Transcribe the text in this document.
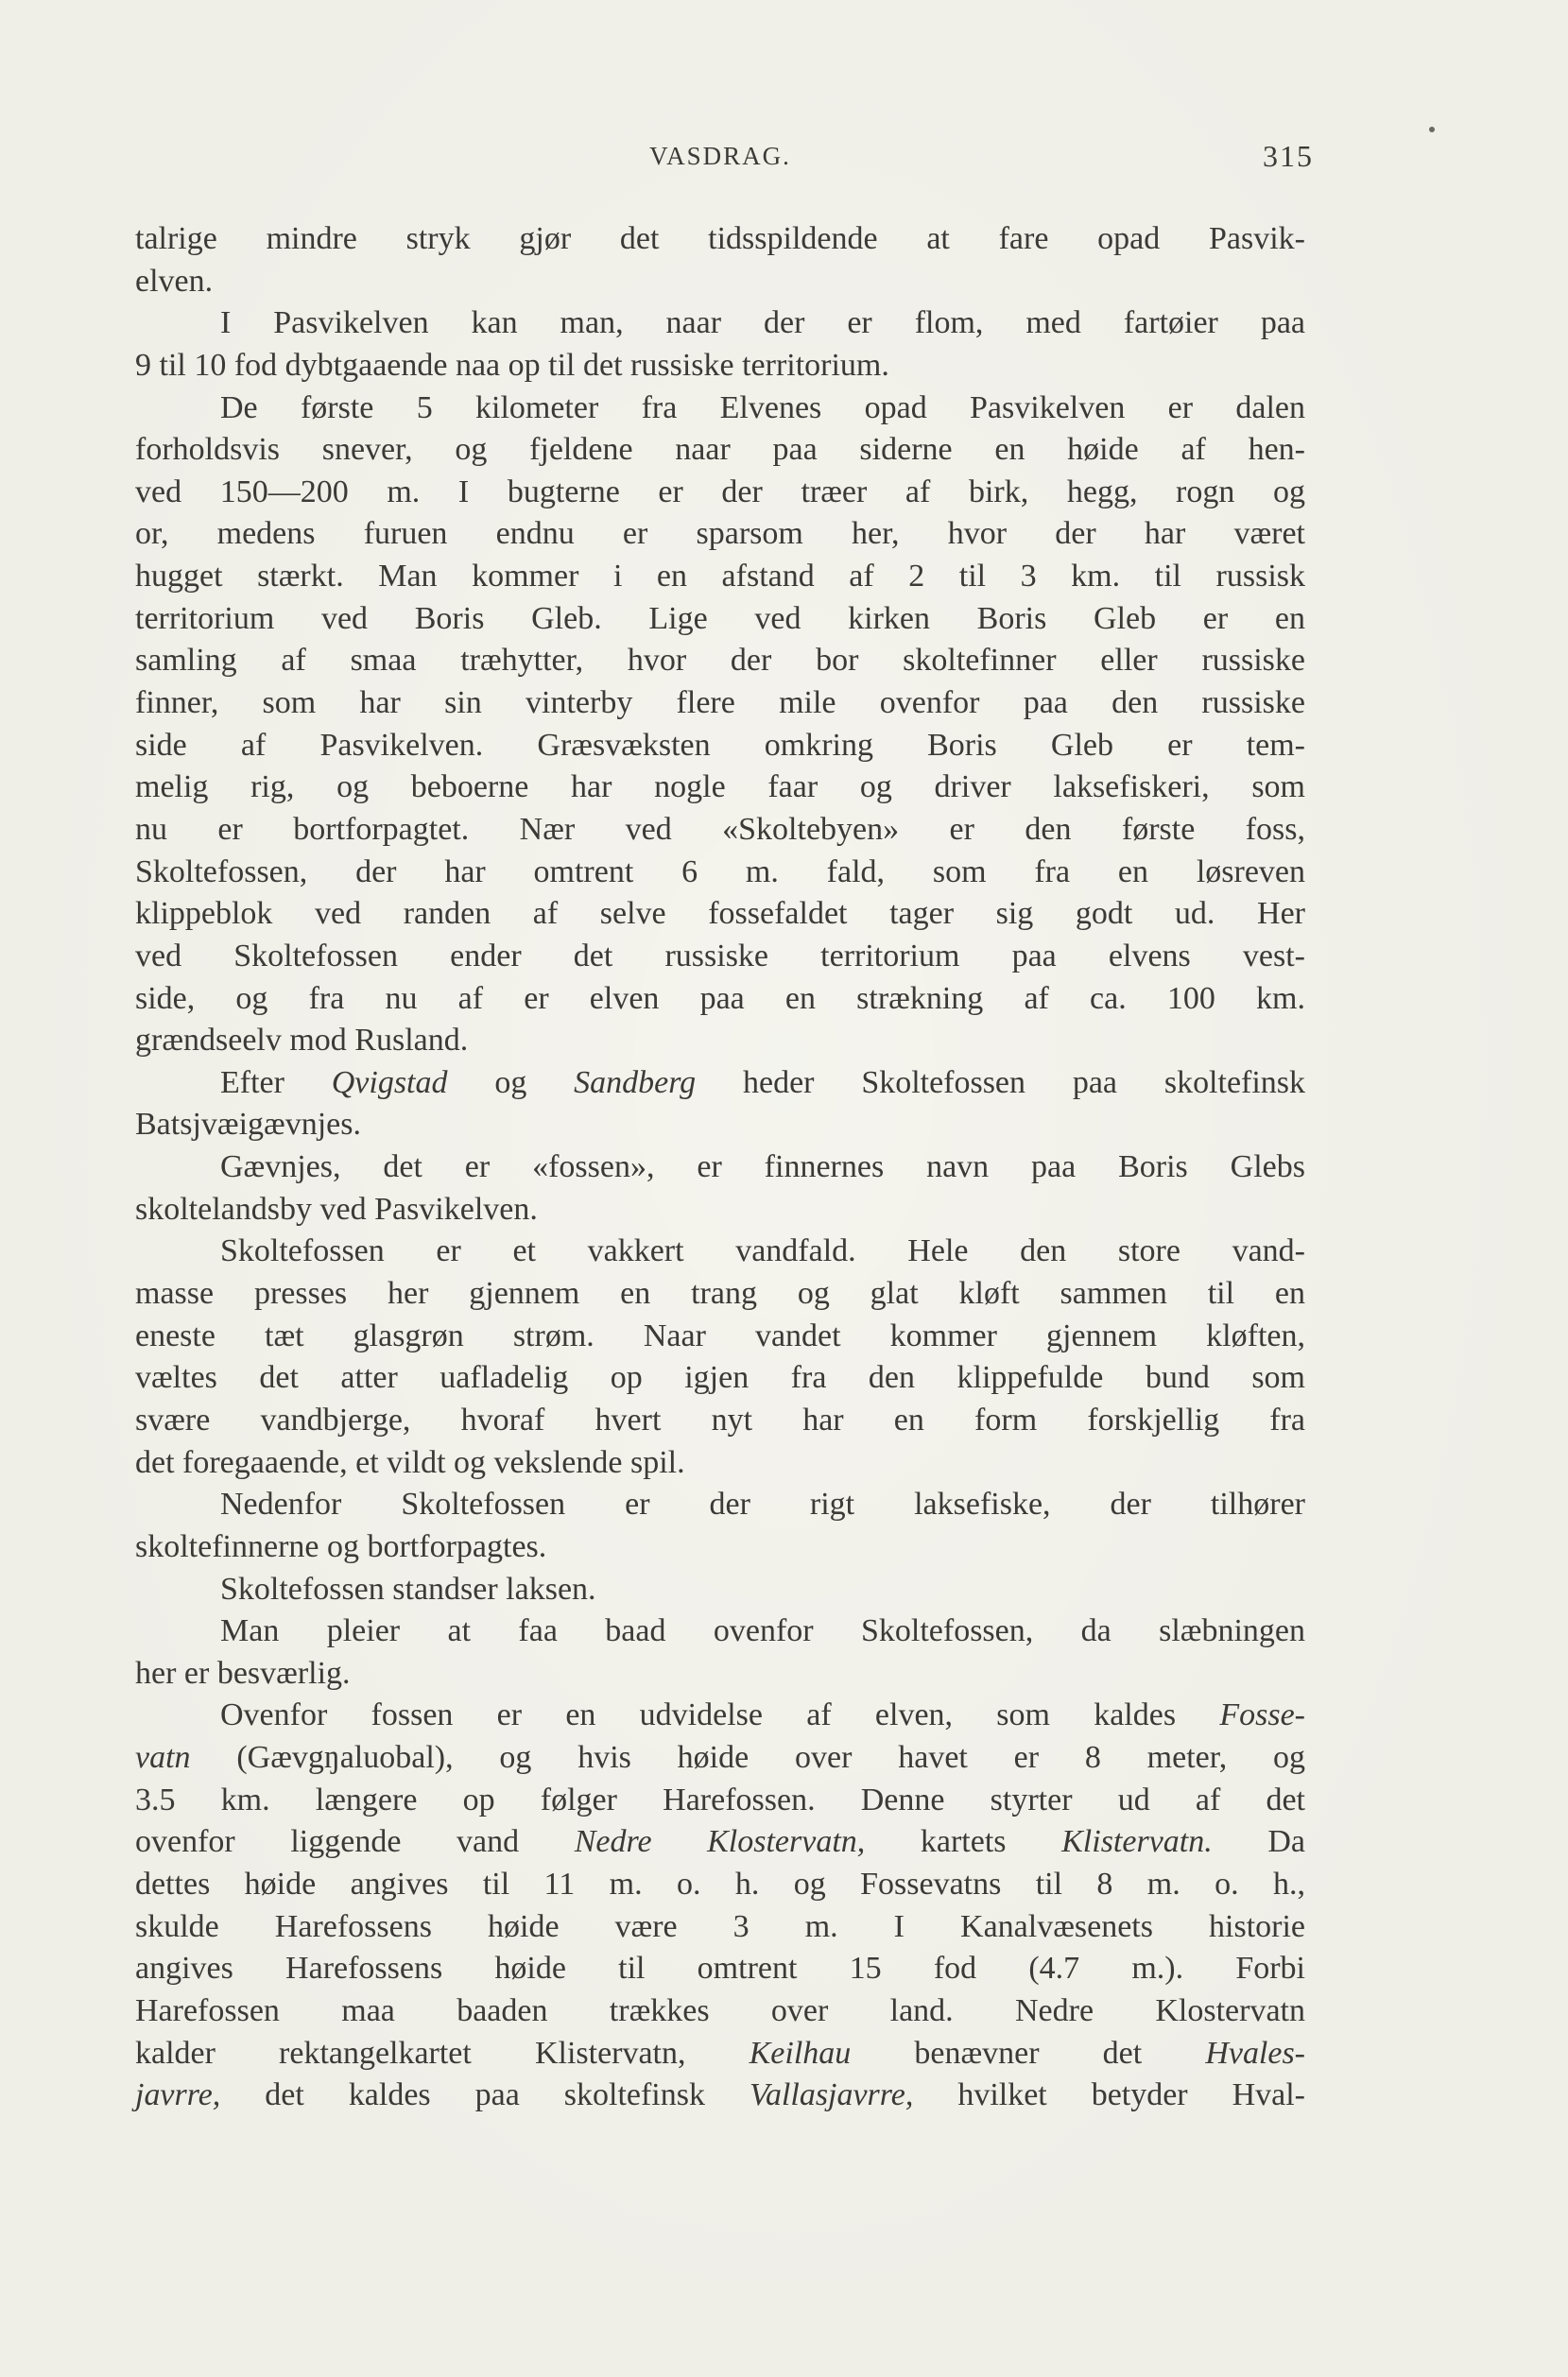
VASDRAG.	315
talrige mindre stryk gjør det tidsspildende at fare opad Pasvik-
elven.
I Pasvikelven kan man, naar der er flom, med fartøier paa
9 til 10 fod dybtgaaende naa op til det russiske territorium.
De første 5 kilometer fra Elvenes opad Pasvikelven er dalen
forholdsvis snever, og fjeldene naar paa siderne en høide af hen-
ved 150—200 m. I bugterne er der træer af birk, hegg, rogn og
or, medens furuen endnu er sparsom her, hvor der har været
hugget stærkt. Man kommer i en afstand af 2 til 3 km. til russisk
territorium ved Boris Gleb. Lige ved kirken Boris Gleb er en
samling af smaa træhytter, hvor der bor skoltefinner eller russiske
finner, som har sin vinterby flere mile ovenfor paa den russiske
side af Pasvikelven. Græsvæksten omkring Boris Gleb er tem-
melig rig, og beboerne har nogle faar og driver laksefiskeri, som
nu er bortforpagtet. Nær ved «Skoltebyen» er den første foss,
Skoltefossen, der har omtrent 6 m. fald, som fra en løsreven
klippeblok ved randen af selve fossefaldet tager sig godt ud. Her
ved Skoltefossen ender det russiske territorium paa elvens vest-
side, og fra nu af er elven paa en strækning af ca. 100 km.
grændseelv mod Rusland.
Efter Qvigstad og Sandberg heder Skoltefossen paa skoltefinsk
Batsjvæigævnjes.
Gævnjes, det er «fossen», er finnernes navn paa Boris Glebs
skoltelandsby ved Pasvikelven.
Skoltefossen er et vakkert vandfald. Hele den store vand-
masse presses her gjennem en trang og glat kløft sammen til en
eneste tæt glasgrøn strøm. Naar vandet kommer gjennem kløften,
væltes det atter uafladelig op igjen fra den klippefulde bund som
svære vandbjerge, hvoraf hvert nyt har en form forskjellig fra
det foregaaende, et vildt og vekslende spil.
Nedenfor Skoltefossen er der rigt laksefiske, der tilhører
skoltefinnerne og bortforpagtes.
Skoltefossen standser laksen.
Man pleier at faa baad ovenfor Skoltefossen, da slæbningen
her er besværlig.
Ovenfor fossen er en udvidelse af elven, som kaldes Fosse-
vatn (Gævgŋaluobal), og hvis høide over havet er 8 meter, og
3.5 km. længere op følger Harefossen. Denne styrter ud af det
ovenfor liggende vand Nedre Klostervatn, kartets Klistervatn. Da
dettes høide angives til 11 m. o. h. og Fossevatns til 8 m. o. h.,
skulde Harefossens høide være 3 m. I Kanalvæsenets historie
angives Harefossens høide til omtrent 15 fod (4.7 m.). Forbi
Harefossen maa baaden trækkes over land. Nedre Klostervatn
kalder rektangelkartet Klistervatn, Keilhau benævner det Hvales-
javrre, det kaldes paa skoltefinsk Vallasjavrre, hvilket betyder Hval-
